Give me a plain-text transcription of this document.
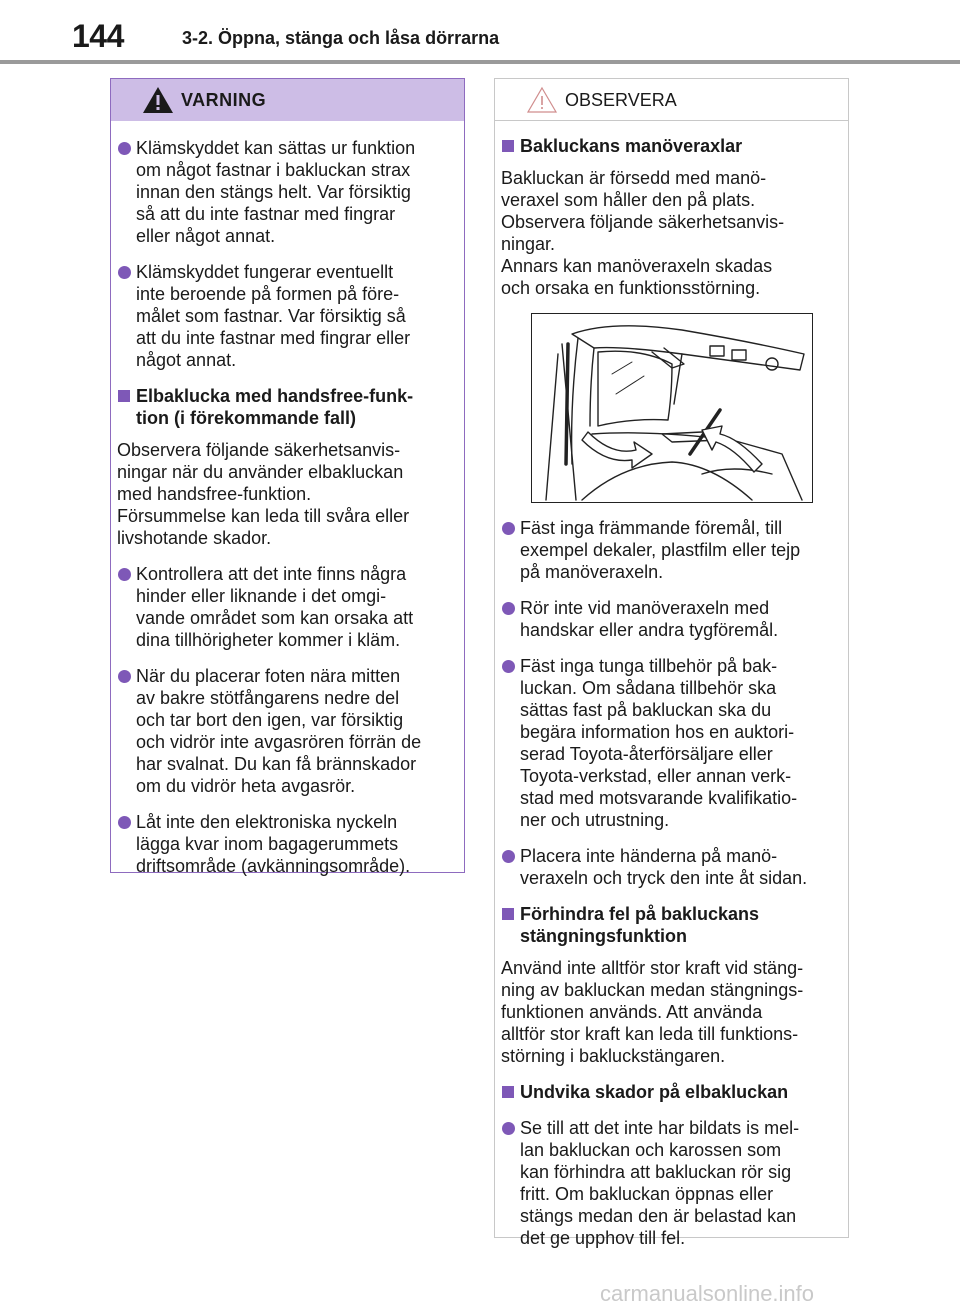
144	3-2. Öppna, stänga och låsa dörrarna
VARNING
Klämskyddet kan sättas ur funktion
om något fastnar i bakluckan strax
innan den stängs helt. Var försiktig
så att du inte fastnar med fingrar
eller något annat.
Klämskyddet fungerar eventuellt
inte beroende på formen på före-
målet som fastnar. Var försiktig så
att du inte fastnar med fingrar eller
något annat.
Elbaklucka med handsfree-funk-
tion (i förekommande fall)
Observera följande säkerhetsanvis-
ningar när du använder elbakluckan
med handsfree-funktion.
Försummelse kan leda till svåra eller
livshotande skador.
Kontrollera att det inte finns några
hinder eller liknande i det omgi-
vande området som kan orsaka att
dina tillhörigheter kommer i kläm.
När du placerar foten nära mitten
av bakre stötfångarens nedre del
och tar bort den igen, var försiktig
och vidrör inte avgasrören förrän de
har svalnat. Du kan få brännskador
om du vidrör heta avgasrör.
Låt inte den elektroniska nyckeln
lägga kvar inom bagagerummets
driftsområde (avkänningsområde).
OBSERVERA
Bakluckans manöveraxlar
Bakluckan är försedd med manö-
veraxel som håller den på plats.
Observera följande säkerhetsanvis-
ningar.
Annars kan manöveraxeln skadas
och orsaka en funktionsstörning.
Fäst inga främmande föremål, till
exempel dekaler, plastfilm eller tejp
på manöveraxeln.
Rör inte vid manöveraxeln med
handskar eller andra tygföremål.
Fäst inga tunga tillbehör på bak-
luckan. Om sådana tillbehör ska
sättas fast på bakluckan ska du
begära information hos en auktori-
serad Toyota-återförsäljare eller
Toyota-verkstad, eller annan verk-
stad med motsvarande kvalifikatio-
ner och utrustning.
Placera inte händerna på manö-
veraxeln och tryck den inte åt sidan.
Förhindra fel på bakluckans
stängningsfunktion
Använd inte alltför stor kraft vid stäng-
ning av bakluckan medan stängnings-
funktionen används. Att använda
alltför stor kraft kan leda till funktions-
störning i bakluckstängaren.
Undvika skador på elbakluckan
Se till att det inte har bildats is mel-
lan bakluckan och karossen som
kan förhindra att bakluckan rör sig
fritt. Om bakluckan öppnas eller
stängs medan den är belastad kan
det ge upphov till fel.
carmanualsonline.info
